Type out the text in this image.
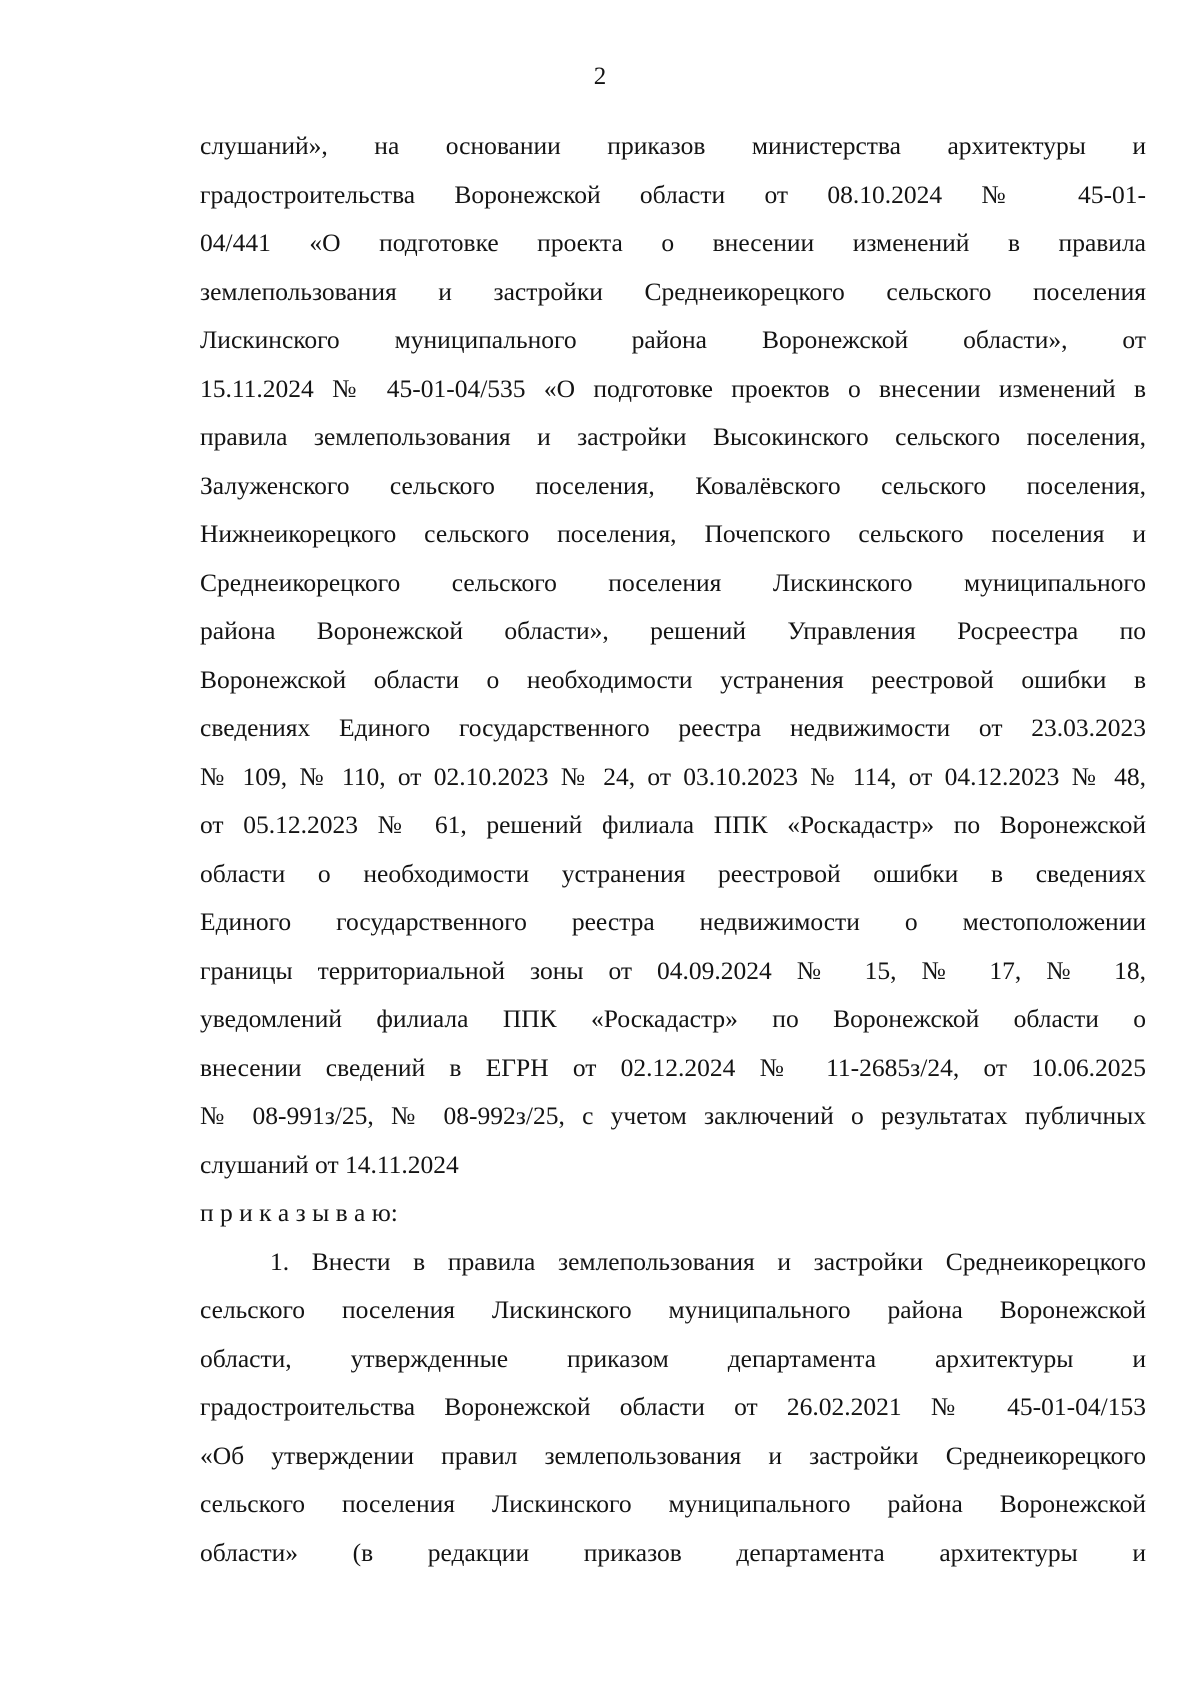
2
слушаний», на основании приказов министерства архитектуры и
градостроительства Воронежской области от 08.10.2024 № 45-01-
04/441 «О подготовке проекта о внесении изменений в правила
землепользования и застройки Среднеикорецкого сельского поселения
Лискинского муниципального района Воронежской области», от
15.11.2024 № 45-01-04/535 «О подготовке проектов о внесении изменений в
правила землепользования и застройки Высокинского сельского поселения,
Залуженского сельского поселения, Ковалёвского сельского поселения,
Нижнеикорецкого сельского поселения, Почепского сельского поселения и
Среднеикорецкого сельского поселения Лискинского муниципального
района Воронежской области», решений Управления Росреестра по
Воронежской области о необходимости устранения реестровой ошибки в
сведениях Единого государственного реестра недвижимости от 23.03.2023
№ 109, № 110, от 02.10.2023 № 24, от 03.10.2023 № 114, от 04.12.2023 № 48,
от 05.12.2023 № 61, решений филиала ППК «Роскадастр» по Воронежской
области о необходимости устранения реестровой ошибки в сведениях
Единого государственного реестра недвижимости о местоположении
границы территориальной зоны от 04.09.2024 № 15, № 17, № 18,
уведомлений филиала ППК «Роскадастр» по Воронежской области о
внесении сведений в ЕГРН от 02.12.2024 № 11-2685з/24, от 10.06.2025
№ 08-991з/25, № 08-992з/25, с учетом заключений о результатах публичных
слушаний от 14.11.2024
п р и к а з ы в а ю:
1. Внести в правила землепользования и застройки Среднеикорецкого
сельского поселения Лискинского муниципального района Воронежской
области, утвержденные приказом департамента архитектуры и
градостроительства Воронежской области от 26.02.2021 № 45-01-04/153
«Об утверждении правил землепользования и застройки Среднеикорецкого
сельского поселения Лискинского муниципального района Воронежской
области» (в редакции приказов департамента архитектуры и
